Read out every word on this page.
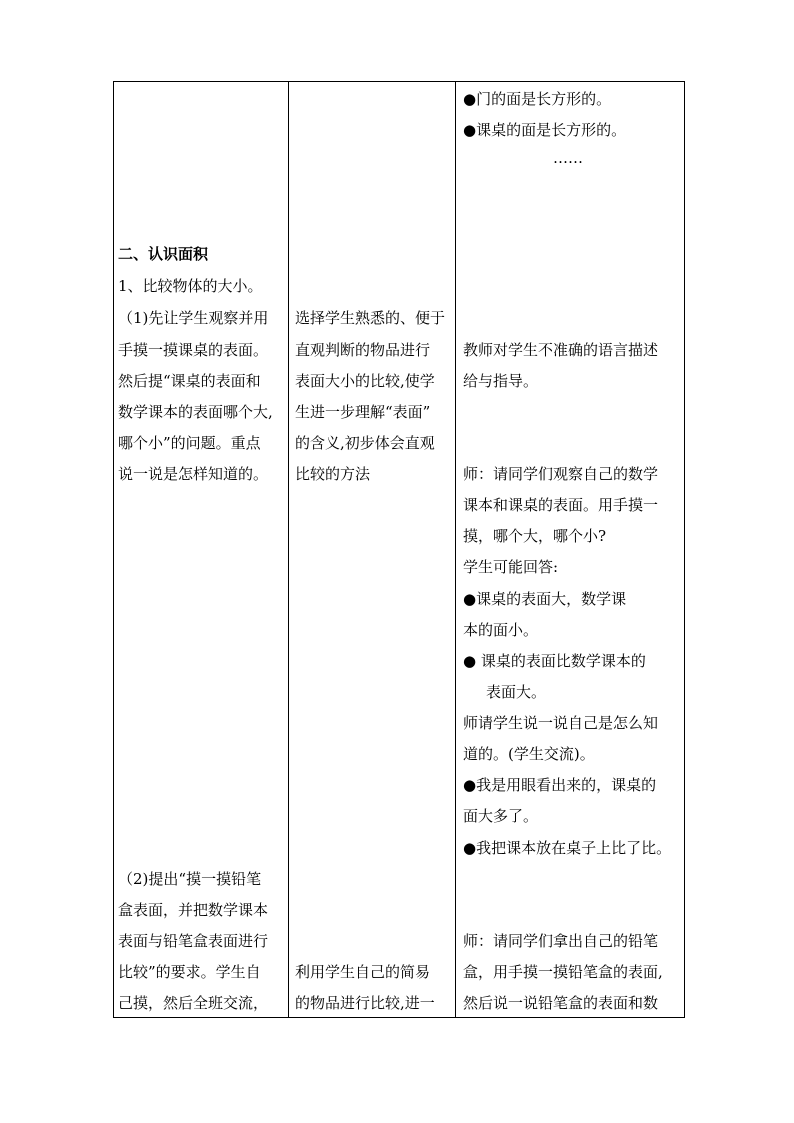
●门的面是长方形的。
●课桌的面是长方形的。
……
二、认识面积
1、比较物体的大小。
（1)先让学生观察并用
手摸一摸课桌的表面。
然后提“课桌的表面和
数学课本的表面哪个大,
哪个小”的问题。重点
说一说是怎样知道的。
（2)提出“摸一摸铅笔
盒表面，并把数学课本
表面与铅笔盒表面进行
比较”的要求。学生自
己摸，然后全班交流，
选择学生熟悉的、便于
直观判断的物品进行
表面大小的比较,使学
生进一步理解“表面”
的含义,初步体会直观
比较的方法
利用学生自己的简易
的物品进行比较,进一
教师对学生不准确的语言描述
给与指导。
师：请同学们观察自己的数学
课本和课桌的表面。用手摸一
摸，哪个大，哪个小?
学生可能回答:
●课桌的表面大，数学课
本的面小。
● 课桌的表面比数学课本的
表面大。
师请学生说一说自己是怎么知
道的。(学生交流)。
●我是用眼看出来的，课桌的
面大多了。
●我把课本放在桌子上比了比。
师：请同学们拿出自己的铅笔
盒，用手摸一摸铅笔盒的表面,
然后说一说铅笔盒的表面和数
